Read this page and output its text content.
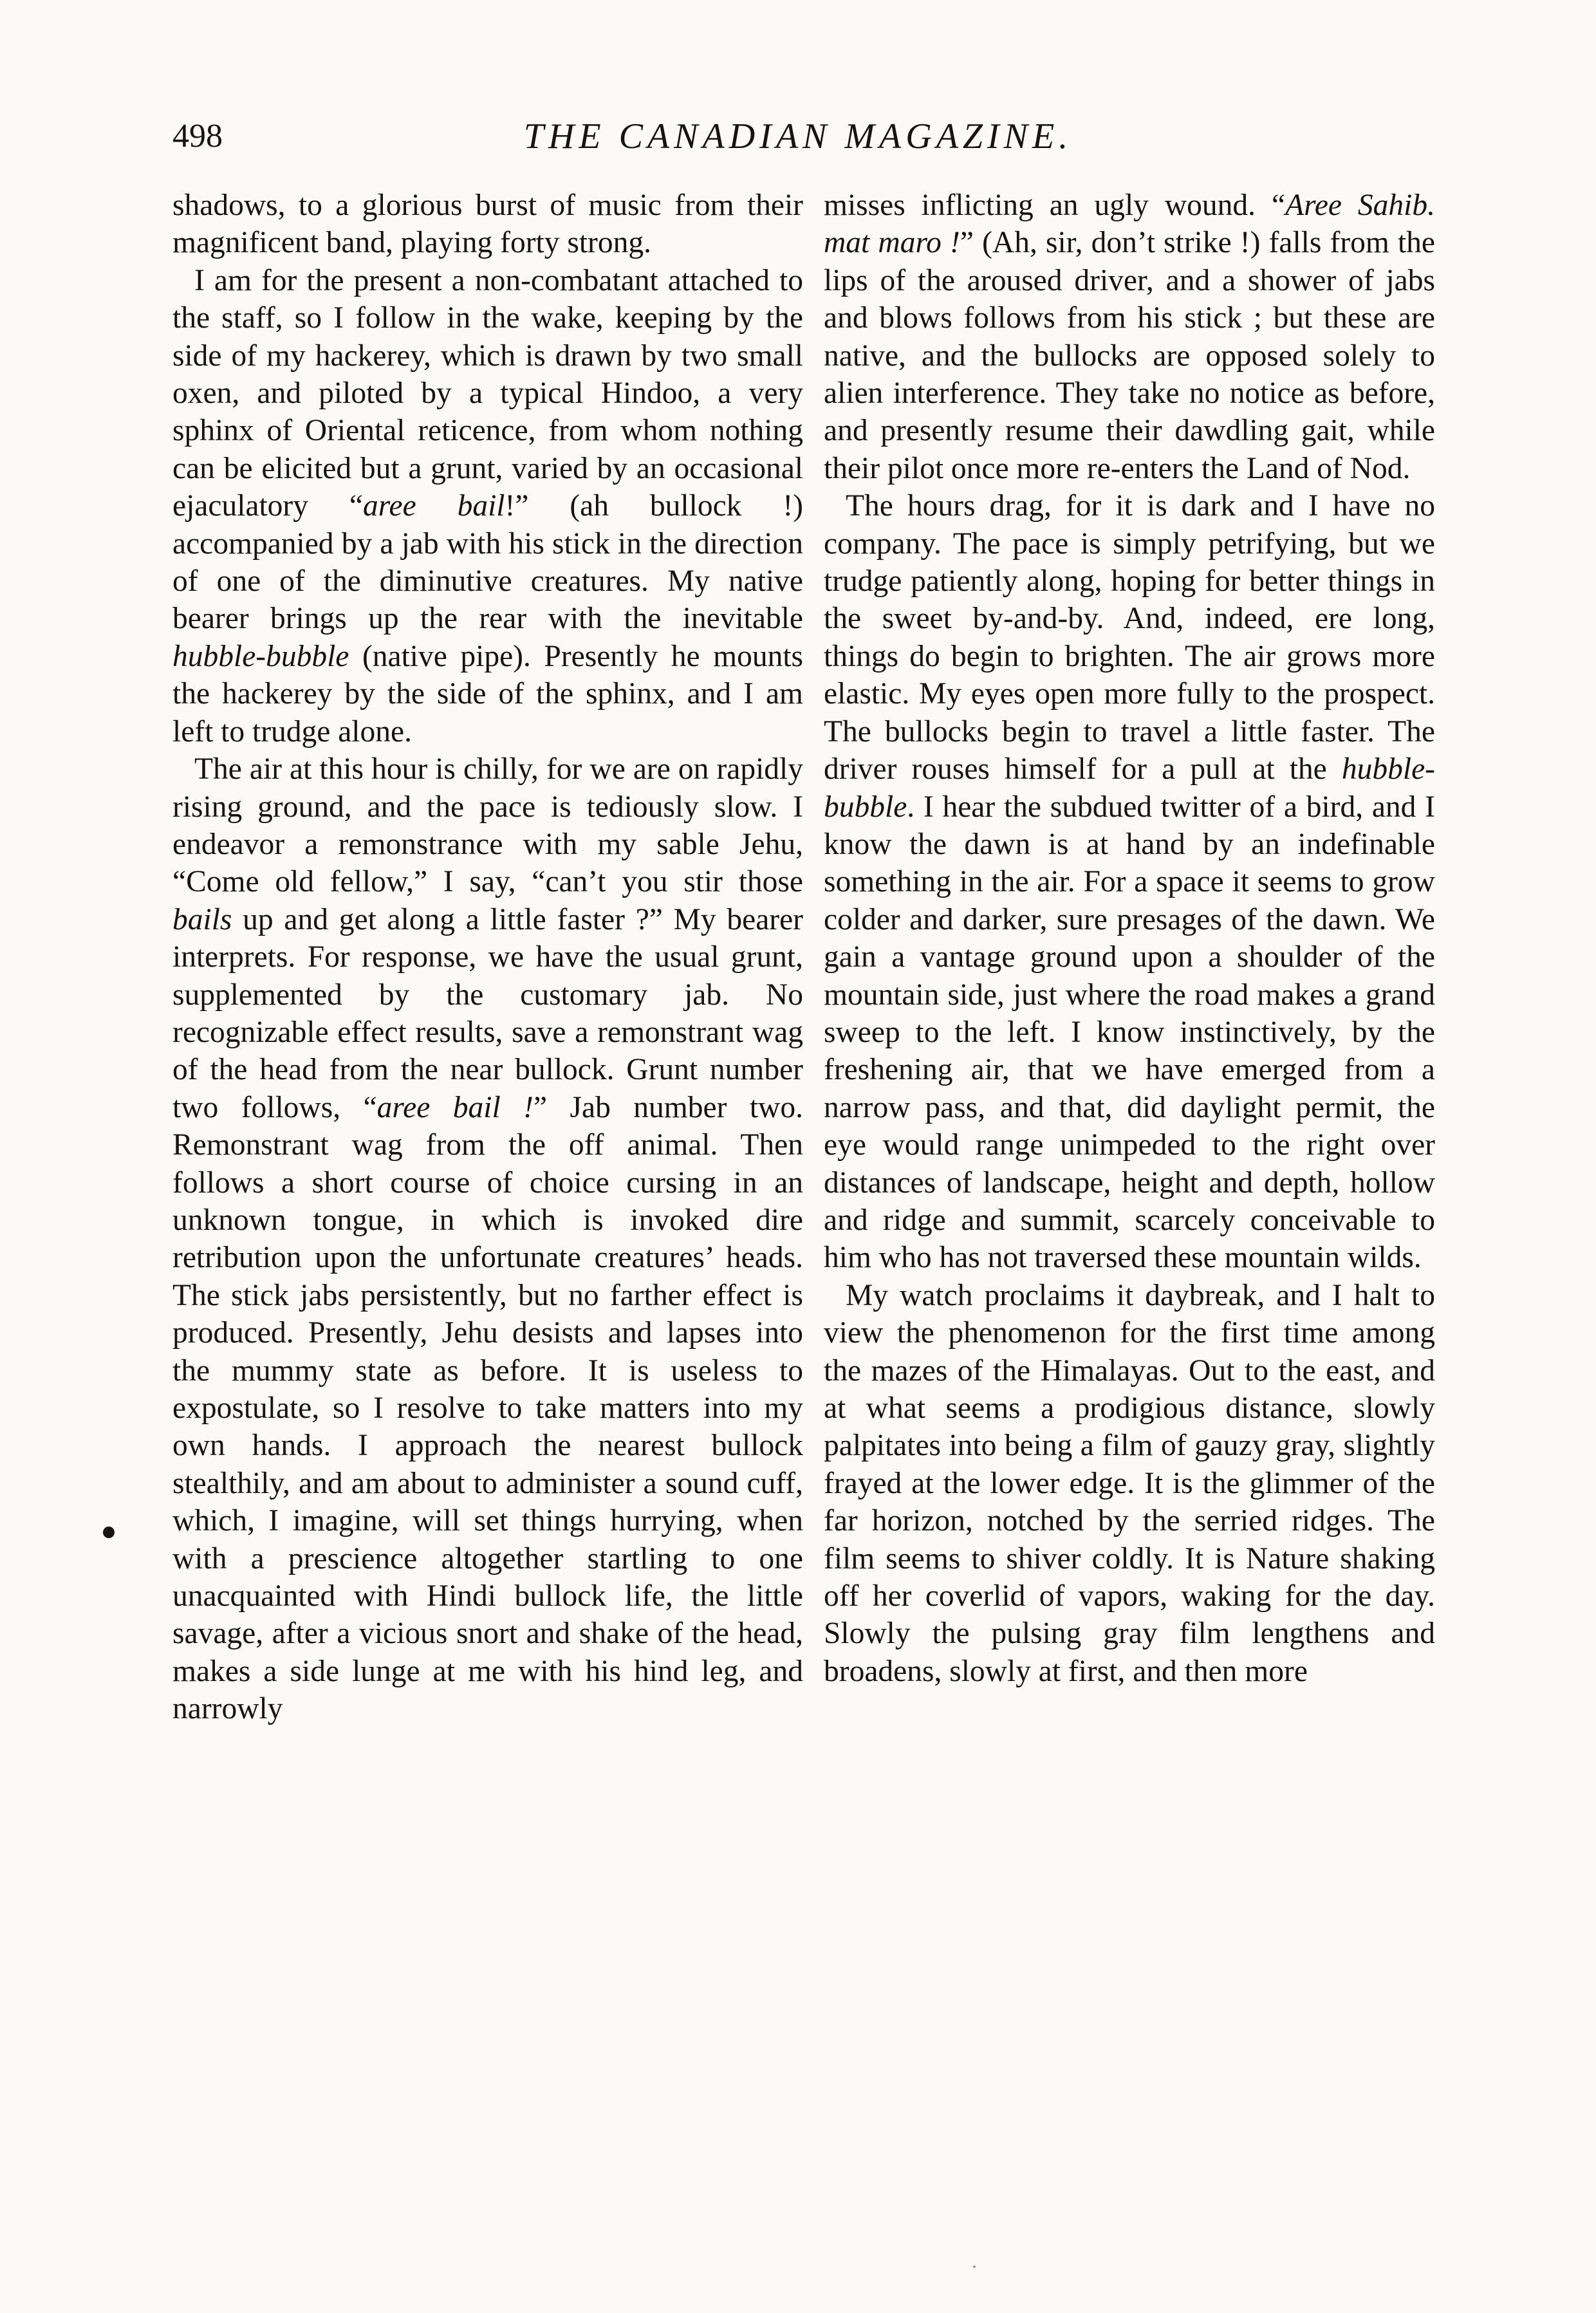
498	THE CANADIAN MAGAZINE.

shadows, to a glorious burst of music from their magnificent band, playing forty strong.

I am for the present a non-combatant attached to the staff, so I follow in the wake, keeping by the side of my hackerey, which is drawn by two small oxen, and piloted by a typical Hindoo, a very sphinx of Oriental reticence, from whom nothing can be elicited but a grunt, varied by an occasional ejaculatory “aree bail!” (ah bullock !) accompanied by a jab with his stick in the direction of one of the diminutive creatures. My native bearer brings up the rear with the inevitable hubble-bubble (native pipe). Presently he mounts the hackerey by the side of the sphinx, and I am left to trudge alone.

The air at this hour is chilly, for we are on rapidly rising ground, and the pace is tediously slow. I endeavor a remonstrance with my sable Jehu, “Come old fellow,” I say, “can’t you stir those bails up and get along a little faster ?” My bearer interprets. For response, we have the usual grunt, supplemented by the customary jab. No recognizable effect results, save a remonstrant wag of the head from the near bullock. Grunt number two follows, “aree bail !” Jab number two. Remonstrant wag from the off animal. Then follows a short course of choice cursing in an unknown tongue, in which is invoked dire retribution upon the unfortunate creatures’ heads. The stick jabs persistently, but no farther effect is produced. Presently, Jehu desists and lapses into the mummy state as before. It is useless to expostulate, so I resolve to take matters into my own hands. I approach the nearest bullock stealthily, and am about to administer a sound cuff, which, I imagine, will set things hurrying, when with a prescience altogether startling to one unacquainted with Hindi bullock life, the little savage, after a vicious snort and shake of the head, makes a side lunge at me with his hind leg, and narrowly

misses inflicting an ugly wound. “Aree Sahib. mat maro !” (Ah, sir, don’t strike !) falls from the lips of the aroused driver, and a shower of jabs and blows follows from his stick ; but these are native, and the bullocks are opposed solely to alien interference. They take no notice as before, and presently resume their dawdling gait, while their pilot once more re-enters the Land of Nod.

The hours drag, for it is dark and I have no company. The pace is simply petrifying, but we trudge patiently along, hoping for better things in the sweet by-and-by. And, indeed, ere long, things do begin to brighten. The air grows more elastic. My eyes open more fully to the prospect. The bullocks begin to travel a little faster. The driver rouses himself for a pull at the hubble-bubble. I hear the subdued twitter of a bird, and I know the dawn is at hand by an indefinable something in the air. For a space it seems to grow colder and darker, sure presages of the dawn. We gain a vantage ground upon a shoulder of the mountain side, just where the road makes a grand sweep to the left. I know instinctively, by the freshening air, that we have emerged from a narrow pass, and that, did daylight permit, the eye would range unimpeded to the right over distances of landscape, height and depth, hollow and ridge and summit, scarcely conceivable to him who has not traversed these mountain wilds.

My watch proclaims it daybreak, and I halt to view the phenomenon for the first time among the mazes of the Himalayas. Out to the east, and at what seems a prodigious distance, slowly palpitates into being a film of gauzy gray, slightly frayed at the lower edge. It is the glimmer of the far horizon, notched by the serried ridges. The film seems to shiver coldly. It is Nature shaking off her coverlid of vapors, waking for the day. Slowly the pulsing gray film lengthens and broadens, slowly at first, and then more
